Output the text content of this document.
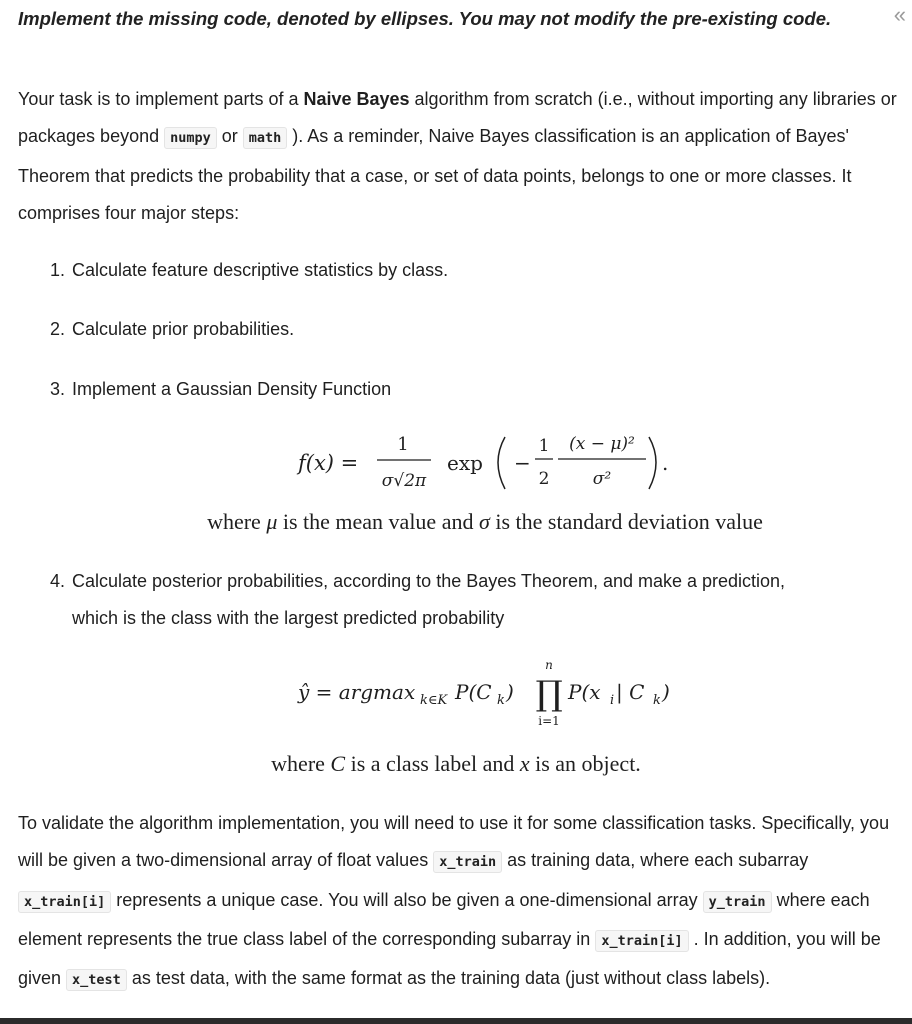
«
Implement the missing code, denoted by ellipses. You may not modify the pre-existing code.
Your task is to implement parts of a Naive Bayes algorithm from scratch (i.e., without importing any libraries or packages beyond numpy or math ). As a reminder, Naive Bayes classification is an application of Bayes' Theorem that predicts the probability that a case, or set of data points, belongs to one or more classes. It comprises four major steps:
1. Calculate feature descriptive statistics by class.
2. Calculate prior probabilities.
3. Implement a Gaussian Density Function
f(x) =
1
σ√2π
exp −
1
2
(x − μ)²
σ²
.
where μ is the mean value and σ is the standard deviation value
4. Calculate posterior probabilities, according to the Bayes Theorem, and make a prediction,
which is the class with the largest predicted probability
ŷ = argmax k∈K P(C k )
n
∏
i=1
P(x i | C k )
where C is a class label and x is an object.
To validate the algorithm implementation, you will need to use it for some classification tasks. Specifically, you will be given a two-dimensional array of float values x_train as training data, where each subarray x_train[i] represents a unique case. You will also be given a one-dimensional array y_train where each element represents the true class label of the corresponding subarray in x_train[i] . In addition, you will be given x_test as test data, with the same format as the training data (just without class labels).
